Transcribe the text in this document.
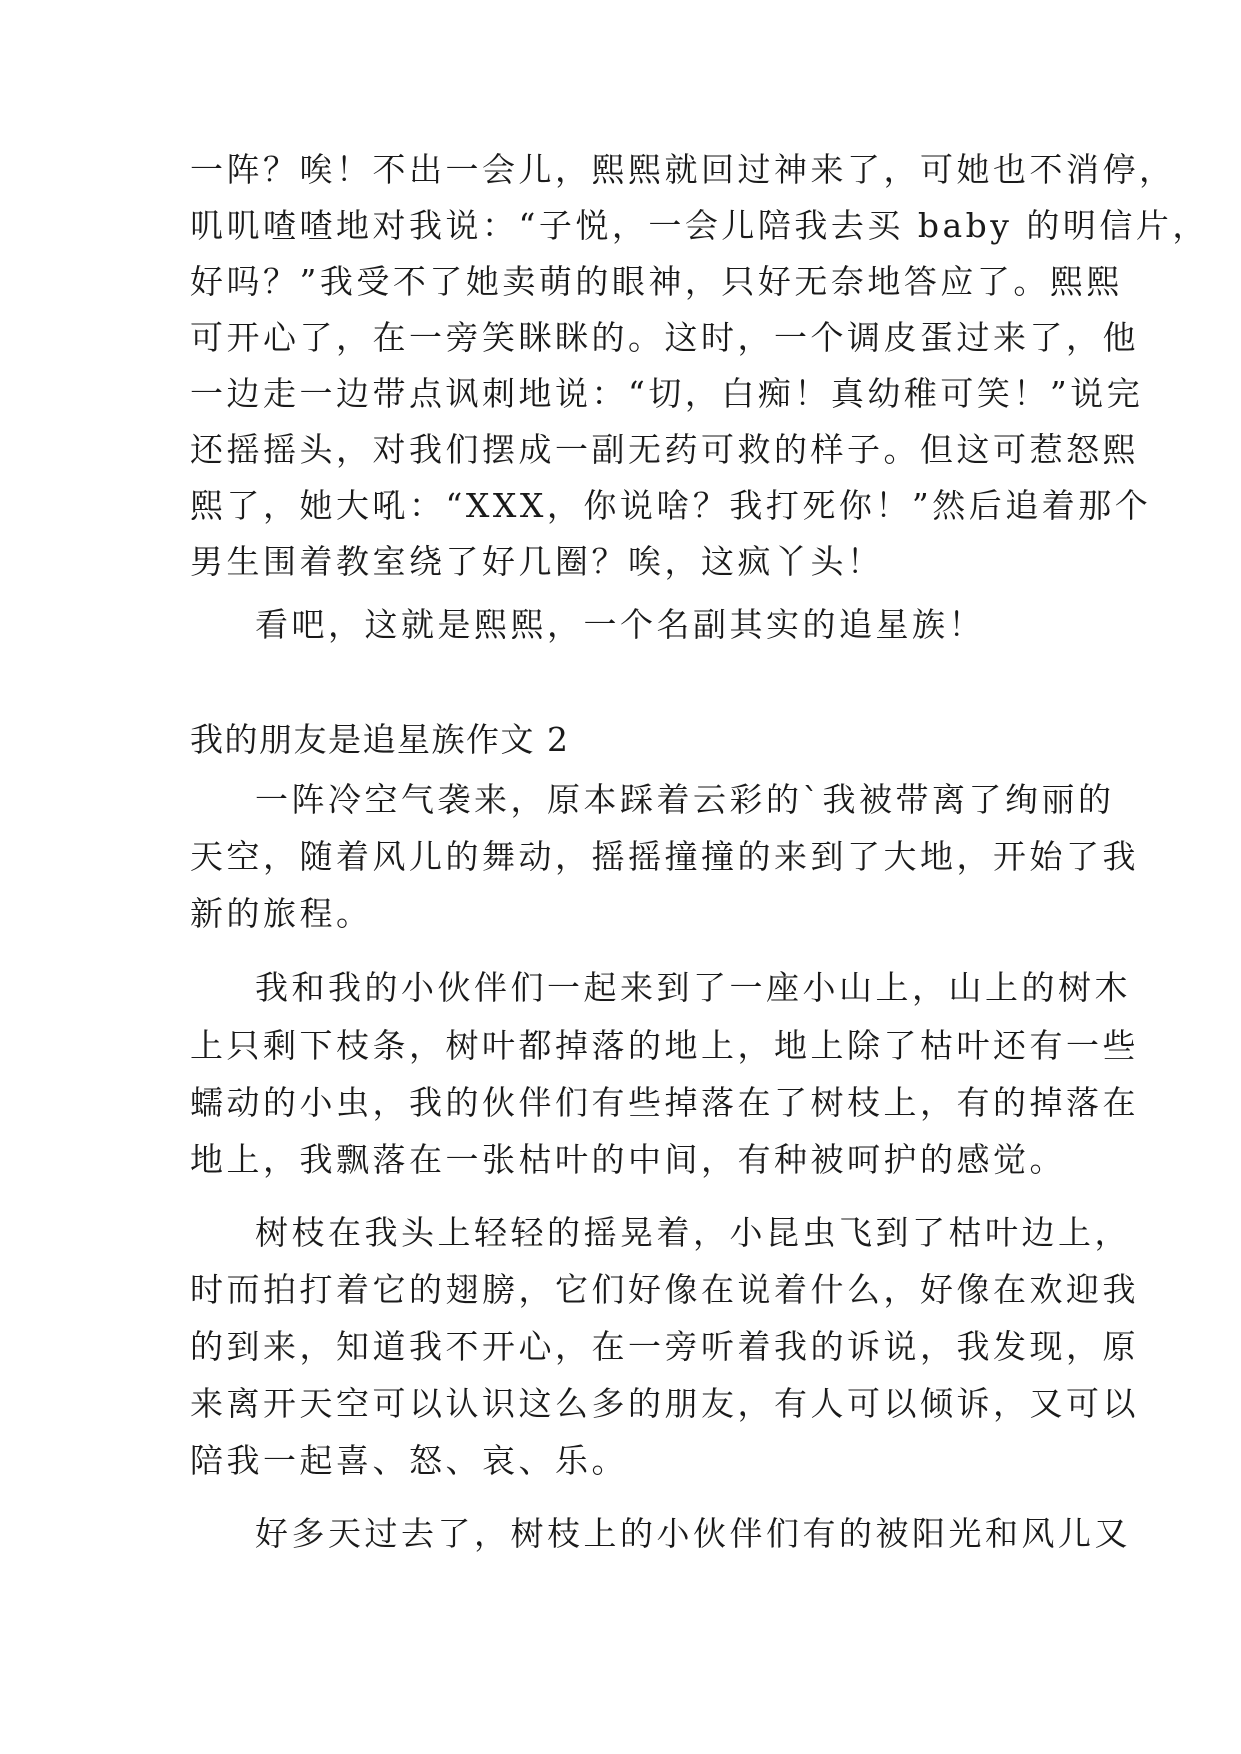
一阵？唉！不出一会儿，熙熙就回过神来了，可她也不消停，
叽叽喳喳地对我说：“子悦，一会儿陪我去买 baby 的明信片，
好吗？”我受不了她卖萌的眼神，只好无奈地答应了。熙熙
可开心了，在一旁笑眯眯的。这时，一个调皮蛋过来了，他
一边走一边带点讽刺地说：“切，白痴！真幼稚可笑！”说完
还摇摇头，对我们摆成一副无药可救的样子。但这可惹怒熙
熙了，她大吼：“XXX，你说啥？我打死你！”然后追着那个
男生围着教室绕了好几圈？唉，这疯丫头！
看吧，这就是熙熙，一个名副其实的追星族！
我的朋友是追星族作文 2
一阵冷空气袭来，原本踩着云彩的`我被带离了绚丽的
天空，随着风儿的舞动，摇摇撞撞的来到了大地，开始了我
新的旅程。
我和我的小伙伴们一起来到了一座小山上，山上的树木
上只剩下枝条，树叶都掉落的地上，地上除了枯叶还有一些
蠕动的小虫，我的伙伴们有些掉落在了树枝上，有的掉落在
地上，我飘落在一张枯叶的中间，有种被呵护的感觉。
树枝在我头上轻轻的摇晃着，小昆虫飞到了枯叶边上，
时而拍打着它的翅膀，它们好像在说着什么，好像在欢迎我
的到来，知道我不开心，在一旁听着我的诉说，我发现，原
来离开天空可以认识这么多的朋友，有人可以倾诉，又可以
陪我一起喜、怒、哀、乐。
好多天过去了，树枝上的小伙伴们有的被阳光和风儿又
